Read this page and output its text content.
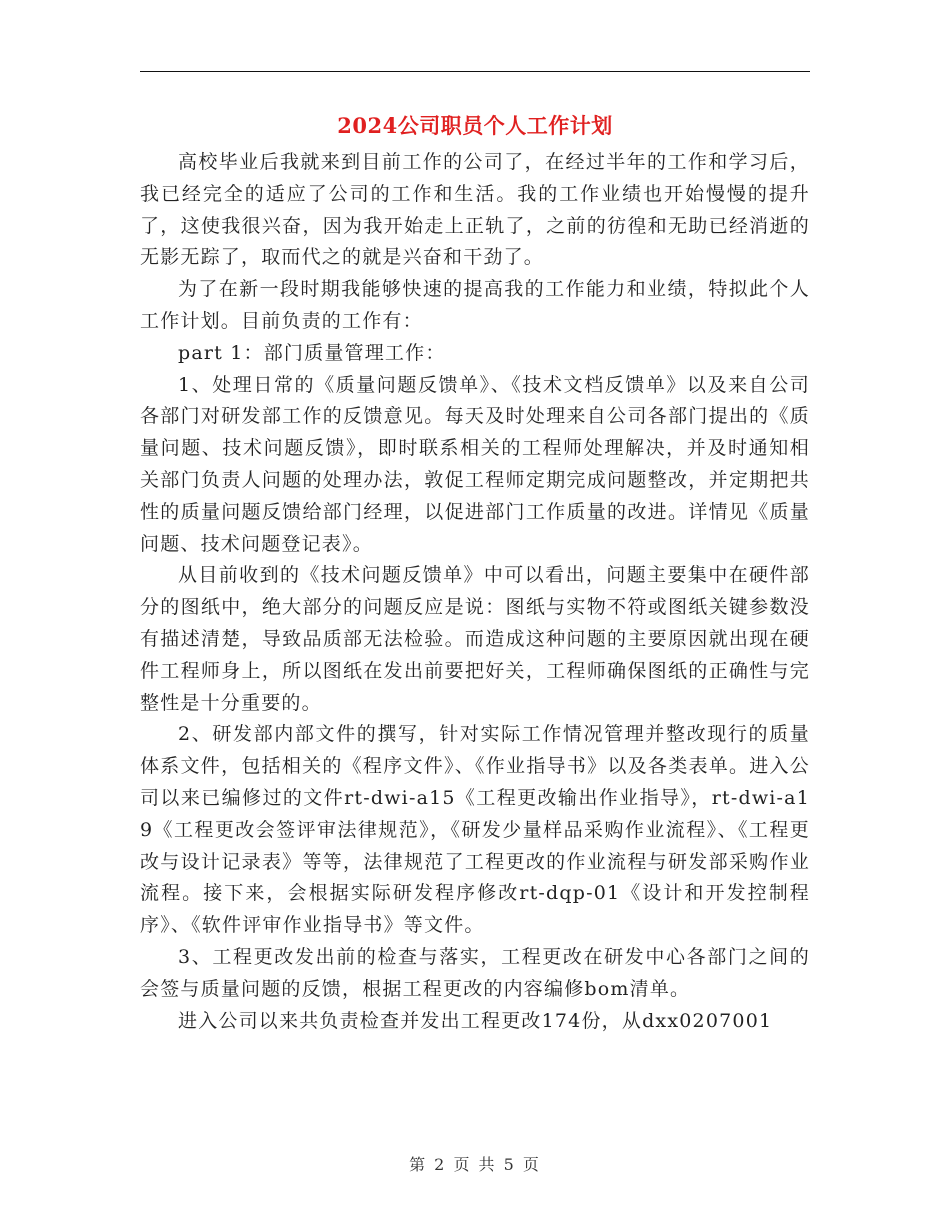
2024公司职员个人工作计划

高校毕业后我就来到目前工作的公司了，在经过半年的工作和学习后，我已经完全的适应了公司的工作和生活。我的工作业绩也开始慢慢的提升了，这使我很兴奋，因为我开始走上正轨了，之前的彷徨和无助已经消逝的无影无踪了，取而代之的就是兴奋和干劲了。

为了在新一段时期我能够快速的提高我的工作能力和业绩，特拟此个人工作计划。目前负责的工作有：

part 1：部门质量管理工作：

1、处理日常的《质量问题反馈单》、《技术文档反馈单》以及来自公司各部门对研发部工作的反馈意见。每天及时处理来自公司各部门提出的《质量问题、技术问题反馈》，即时联系相关的工程师处理解决，并及时通知相关部门负责人问题的处理办法，敦促工程师定期完成问题整改，并定期把共性的质量问题反馈给部门经理，以促进部门工作质量的改进。详情见《质量问题、技术问题登记表》。

从目前收到的《技术问题反馈单》中可以看出，问题主要集中在硬件部分的图纸中，绝大部分的问题反应是说：图纸与实物不符或图纸关键参数没有描述清楚，导致品质部无法检验。而造成这种问题的主要原因就出现在硬件工程师身上，所以图纸在发出前要把好关，工程师确保图纸的正确性与完整性是十分重要的。

2、研发部内部文件的撰写，针对实际工作情况管理并整改现行的质量体系文件，包括相关的《程序文件》、《作业指导书》以及各类表单。进入公司以来已编修过的文件rt-dwi-a15《工程更改输出作业指导》，rt-dwi-a19《工程更改会签评审法律规范》，《研发少量样品采购作业流程》、《工程更改与设计记录表》等等，法律规范了工程更改的作业流程与研发部采购作业流程。接下来，会根据实际研发程序修改rt-dqp-01《设计和开发控制程序》、《软件评审作业指导书》等文件。

3、工程更改发出前的检查与落实，工程更改在研发中心各部门之间的会签与质量问题的反馈，根据工程更改的内容编修bom清单。

进入公司以来共负责检查并发出工程更改174份，从dxx0207001

第 2 页 共 5 页
